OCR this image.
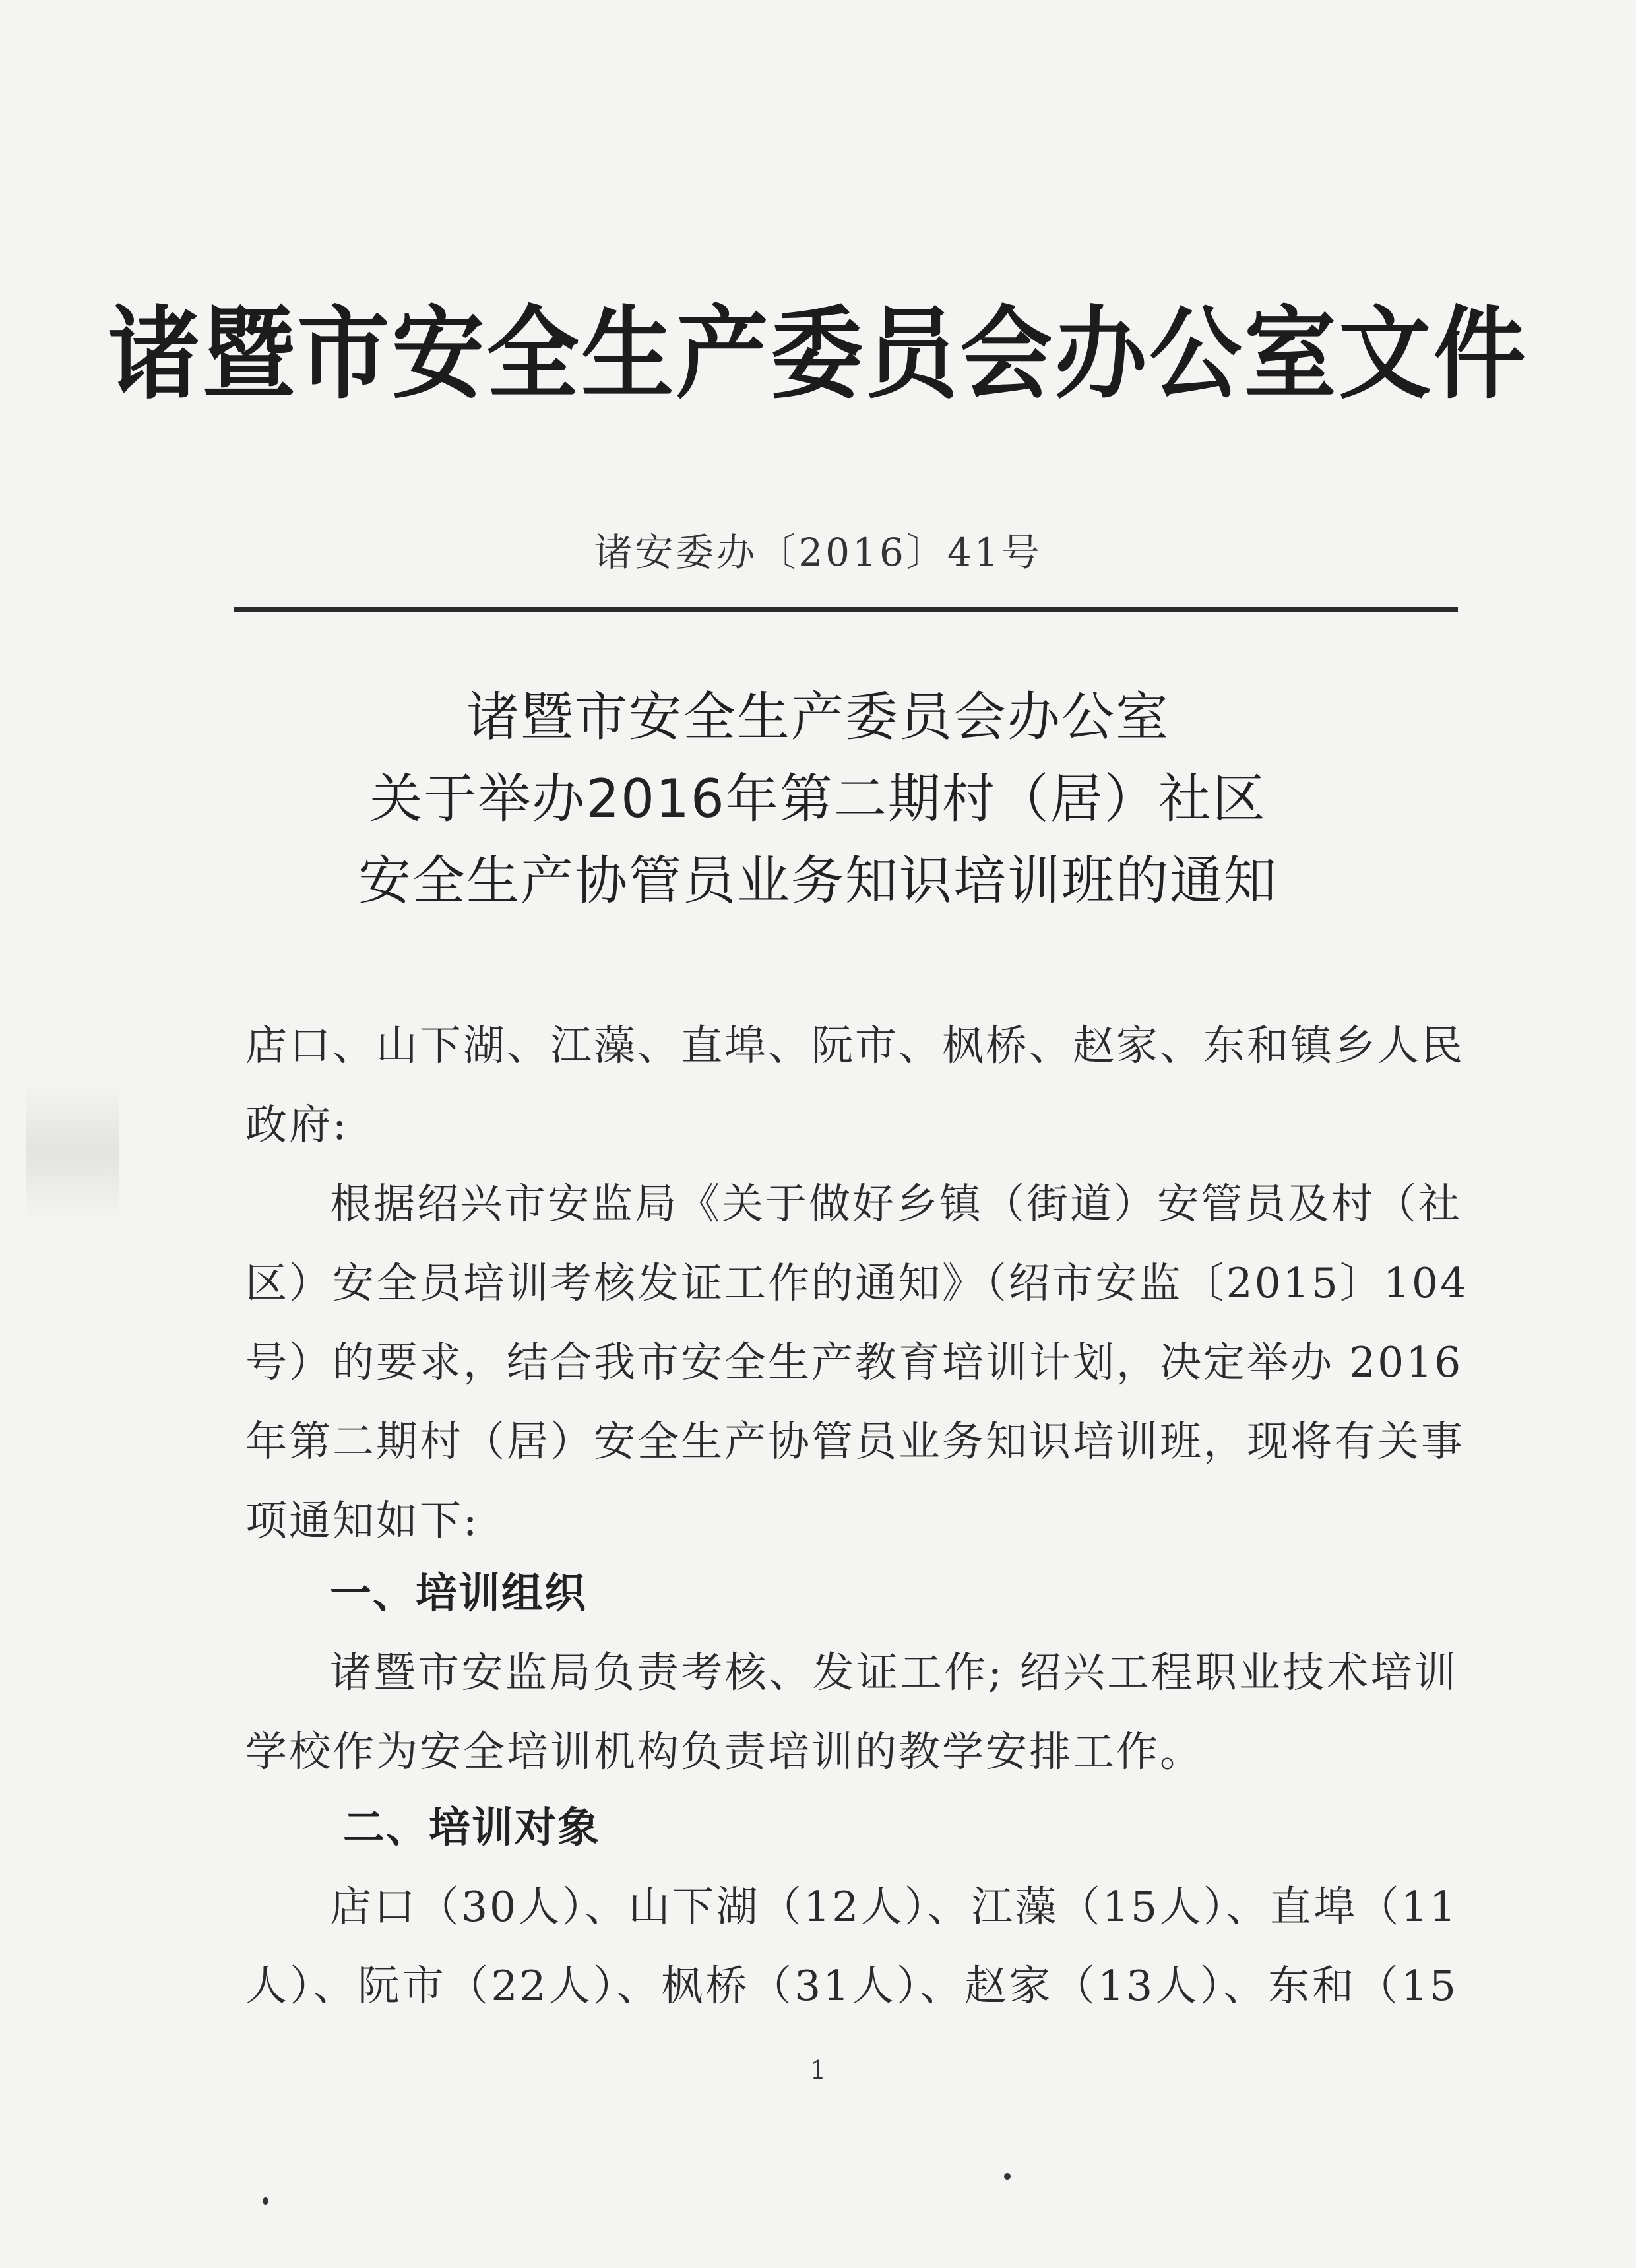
诸暨市安全生产委员会办公室文件
诸安委办〔2016〕41号
诸暨市安全生产委员会办公室
关于举办2016年第二期村（居）社区
安全生产协管员业务知识培训班的通知
店口、山下湖、江藻、直埠、阮市、枫桥、赵家、东和镇乡人民
政府:
根据绍兴市安监局《关于做好乡镇（街道）安管员及村（社
区）安全员培训考核发证工作的通知》（绍市安监〔2015〕104
号）的要求，结合我市安全生产教育培训计划，决定举办 2016
年第二期村（居）安全生产协管员业务知识培训班，现将有关事
项通知如下:
一、培训组织
诸暨市安监局负责考核、发证工作; 绍兴工程职业技术培训
学校作为安全培训机构负责培训的教学安排工作。
二、培训对象
店口（30人）、山下湖（12人）、江藻（15人）、直埠（11
人）、阮市（22人）、枫桥（31人）、赵家（13人）、东和（15
1
